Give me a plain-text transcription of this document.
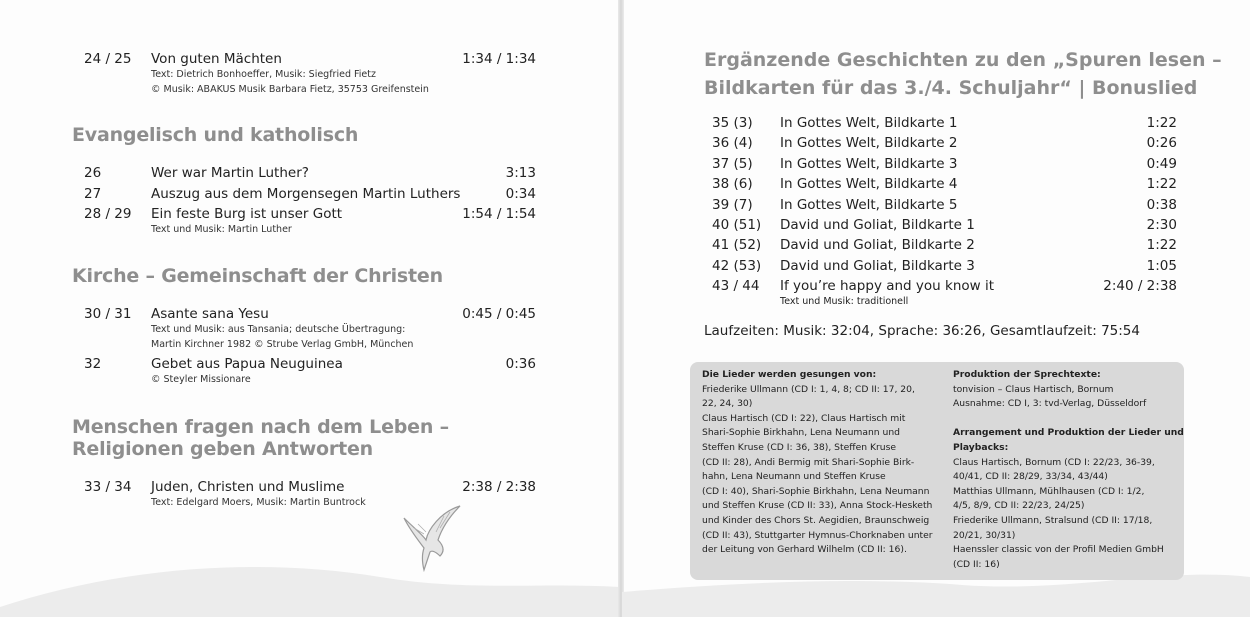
24 / 25 Von guten Mächten	1:34 / 1:34
Text: Dietrich Bonhoeffer, Musik: Siegfried Fietz
© Musik: ABAKUS Musik Barbara Fietz, 35753 Greifenstein
Evangelisch und katholisch
26	Wer war Martin Luther?	3:13
27	Auszug aus dem Morgensegen Martin Luthers	0:34
28 / 29 Ein feste Burg ist unser Gott	1:54 / 1:54
Text und Musik: Martin Luther
Kirche – Gemeinschaft der Christen
30 / 31 Asante sana Yesu	0:45 / 0:45
Text und Musik: aus Tansania; deutsche Übertragung:
Martin Kirchner 1982 © Strube Verlag GmbH, München
32	Gebet aus Papua Neuguinea	0:36
© Steyler Missionare
Menschen fragen nach dem Leben –
Religionen geben Antworten
33 / 34 Juden, Christen und Muslime	2:38 / 2:38
Text: Edelgard Moers, Musik: Martin Buntrock
Ergänzende Geschichten zu den „Spuren lesen –
Bildkarten für das 3./4. Schuljahr“ | Bonuslied
35 (3) In Gottes Welt, Bildkarte 1	1:22
36 (4) In Gottes Welt, Bildkarte 2	0:26
37 (5) In Gottes Welt, Bildkarte 3	0:49
38 (6) In Gottes Welt, Bildkarte 4	1:22
39 (7) In Gottes Welt, Bildkarte 5	0:38
40 (51) David und Goliat, Bildkarte 1	2:30
41 (52) David und Goliat, Bildkarte 2	1:22
42 (53) David und Goliat, Bildkarte 3	1:05
43 / 44 If you’re happy and you know it	2:40 / 2:38
Text und Musik: traditionell
Laufzeiten: Musik: 32:04, Sprache: 36:26, Gesamtlaufzeit: 75:54
Die Lieder werden gesungen von:
Friederike Ullmann (CD I: 1, 4, 8; CD II: 17, 20,
22, 24, 30)
Claus Hartisch (CD I: 22), Claus Hartisch mit
Shari-Sophie Birkhahn, Lena Neumann und
Steffen Kruse (CD I: 36, 38), Steffen Kruse
(CD II: 28), Andi Bermig mit Shari-Sophie Birk-
hahn, Lena Neumann und Steffen Kruse
(CD I: 40), Shari-Sophie Birkhahn, Lena Neumann
und Steffen Kruse (CD II: 33), Anna Stock-Hesketh
und Kinder des Chors St. Aegidien, Braunschweig
(CD II: 43), Stuttgarter Hymnus-Chorknaben unter
der Leitung von Gerhard Wilhelm (CD II: 16).
Produktion der Sprechtexte:
tonvision – Claus Hartisch, Bornum
Ausnahme: CD I, 3: tvd-Verlag, Düsseldorf
Arrangement und Produktion der Lieder und
Playbacks:
Claus Hartisch, Bornum (CD I: 22/23, 36-39,
40/41, CD II: 28/29, 33/34, 43/44)
Matthias Ullmann, Mühlhausen (CD I: 1/2,
4/5, 8/9, CD II: 22/23, 24/25)
Friederike Ullmann, Stralsund (CD II: 17/18,
20/21, 30/31)
Haenssler classic von der Profil Medien GmbH
(CD II: 16)
